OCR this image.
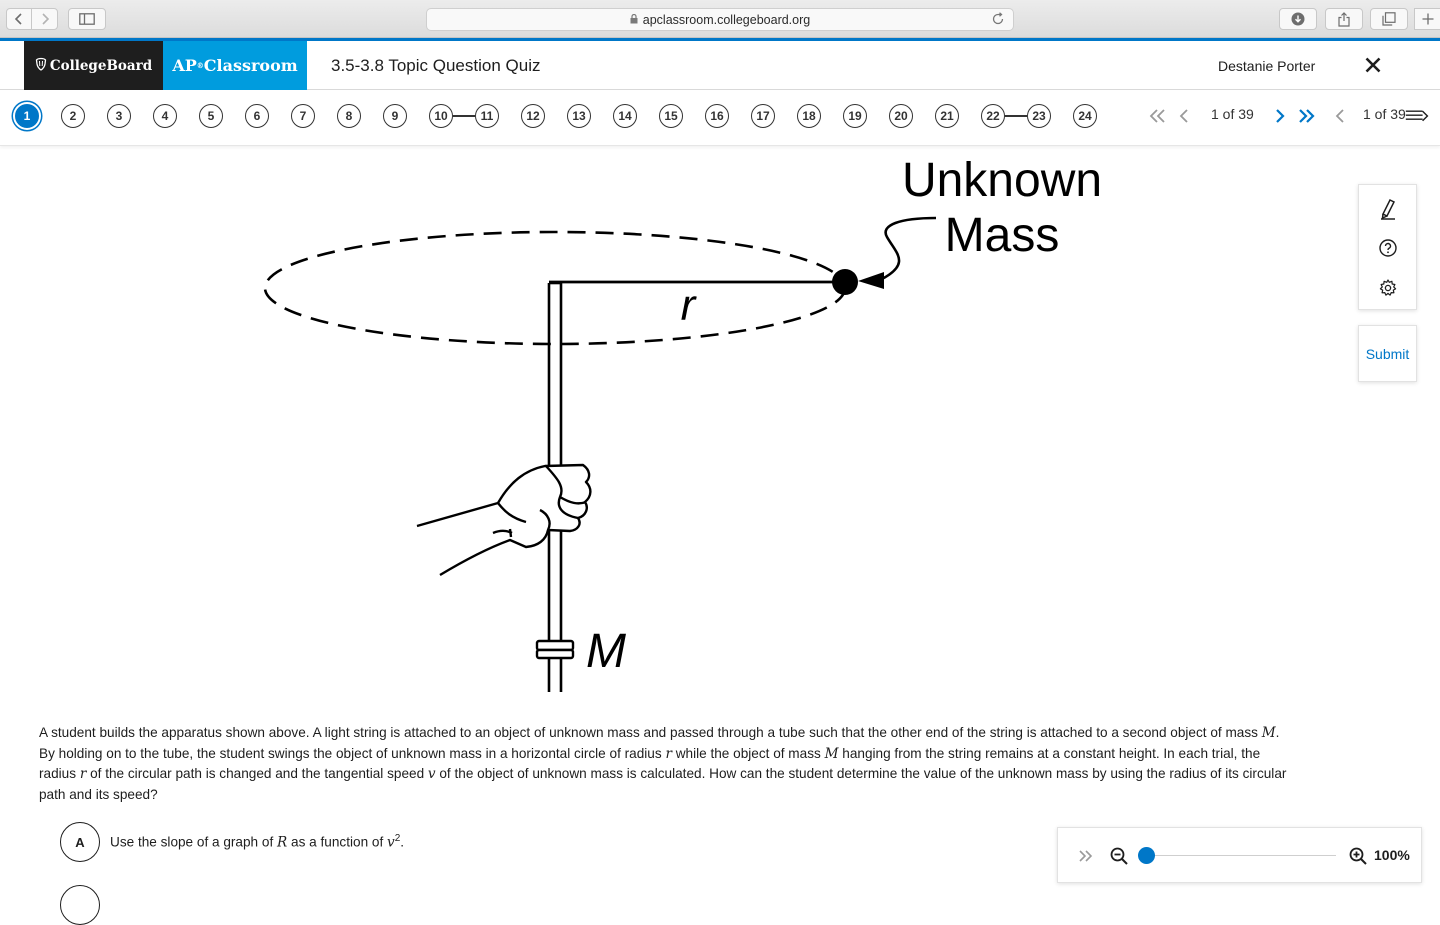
apclassroom.collegeboard.org
CollegeBoard AP ® Classroom 3.5-3.8 Topic Question Quiz	Destanie Porter
1	2	3	4	5	6	7	8	9	10	11	12	13	14	15	16	17	18	19	20	21	22	23	24	1 of 39	1 of 39
Unknown
Mass
r
M
Submit
A student builds the apparatus shown above. A light string is attached to an object of unknown mass and passed through a tube such that the other end of the string is attached to a second object of mass M.
By holding on to the tube, the student swings the object of unknown mass in a horizontal circle of radius r while the object of mass M hanging from the string remains at a constant height. In each trial, the
radius r of the circular path is changed and the tangential speed v of the object of unknown mass is calculated. How can the student determine the value of the unknown mass by using the radius of its circular
path and its speed?
A Use the slope of a graph of R as a function of $v^2$.
100%
